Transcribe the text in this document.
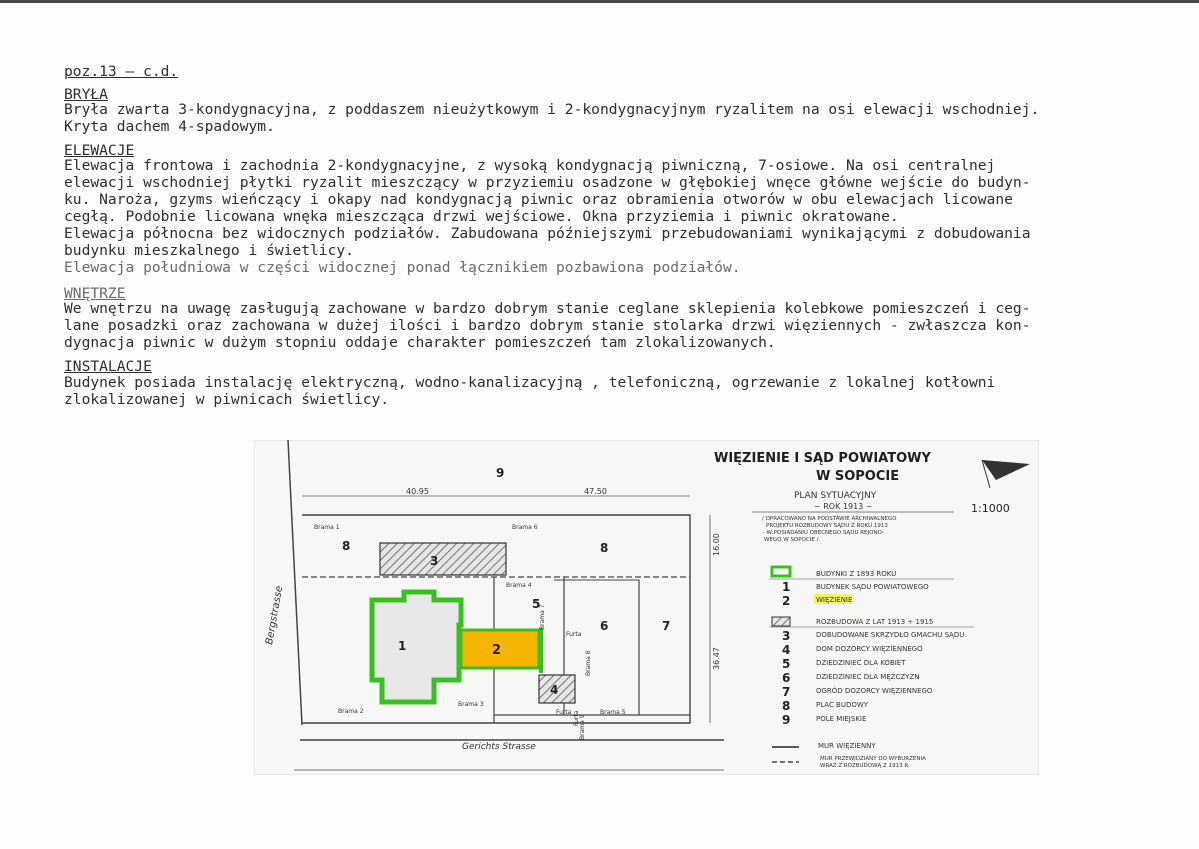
poz.13 – c.d.
BRYŁA
Bryła zwarta 3-kondygnacyjna, z poddaszem nieużytkowym i 2-kondygnacyjnym ryzalitem na osi elewacji wschodniej.
Kryta dachem 4-spadowym.
ELEWACJE
Elewacja frontowa i zachodnia 2-kondygnacyjne, z wysoką kondygnacją piwniczną, 7-osiowe. Na osi centralnej
elewacji wschodniej płytki ryzalit mieszczący w przyziemiu osadzone w głębokiej wnęce główne wejście do budyn-
ku. Naroża, gzyms wieńczący i okapy nad kondygnacją piwnic oraz obramienia otworów w obu elewacjach licowane
cegłą. Podobnie licowana wnęka mieszcząca drzwi wejściowe. Okna przyziemia i piwnic okratowane.
Elewacja północna bez widocznych podziałów. Zabudowana późniejszymi przebudowaniami wynikającymi z dobudowania
budynku mieszkalnego i świetlicy.
Elewacja południowa w części widocznej ponad łącznikiem pozbawiona podziałów.
WNĘTRZE
We wnętrzu na uwagę zasługują zachowane w bardzo dobrym stanie ceglane sklepienia kolebkowe pomieszczeń i ceg-
lane posadzki oraz zachowana w dużej ilości i bardzo dobrym stanie stolarka drzwi więziennych - zwłaszcza kon-
dygnacja piwnic w dużym stopniu oddaje charakter pomieszczeń tam zlokalizowanych.
INSTALACJE
Budynek posiada instalację elektryczną, wodno-kanalizacyjną , telefoniczną, ogrzewanie z lokalnej kotłowni
zlokalizowanej w piwnicach świetlicy.
Bergstrasse
Gerichts Strasse
40.95	47.50
16.00
36.47
9
8	8
3
1	2
5
6	7
4
Brama 1	Brama 6
Brama 4
Brama 2
Brama 3
Brama 5
Brama 7
Brama 8
Brama 9
Furta
Furta Furta
WIĘZIENIE I SĄD POWIATOWY
W SOPOCIE
PLAN SYTUACYJNY
~ ROK 1913 ~	1:1000
/ OPRACOWANO NA PODSTAWIE ARCHIWALNEGO
PROJEKTU ROZBUDOWY SĄDU Z ROKU 1913
– W POSIADANIU OBECNEGO SĄDU REJONO-
WEGO W SOPOCIE /.
BUDYNKI Z 1893 ROKU
1	BUDYNEK SĄDU POWIATOWEGO
2	WIĘZIENIE
ROZBUDOWA Z LAT 1913 ÷ 1915
3	DOBUDOWANE SKRZYDŁO GMACHU SĄDU
4	DOM DOZORCY WIĘZIENNEGO
5	DZIEDZINIEC DLA KOBIET
6	DZIEDZINIEC DLA MĘŻCZYZN
7	OGRÓD DOZORCY WIĘZIENNEGO
8	PLAC BUDOWY
9	POLE MIEJSKIE
MUR WIĘZIENNY
MUR PRZEWIDZIANY DO WYBURZENIA
WRAZ Z ROZBUDOWĄ Z 1913 R.
